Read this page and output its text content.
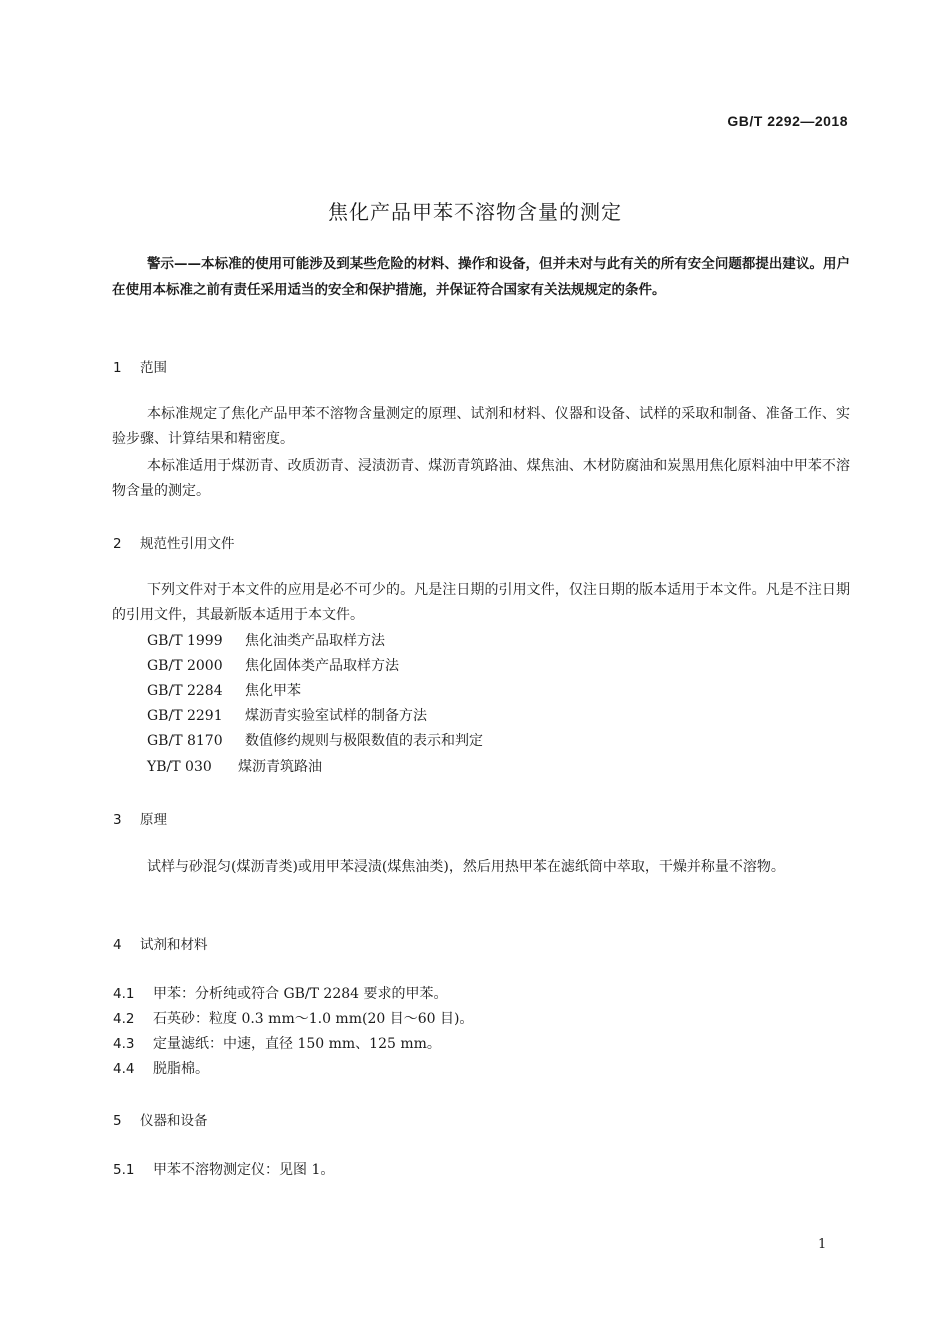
GB/T 2292—2018
焦化产品甲苯不溶物含量的测定
警示——本标准的使用可能涉及到某些危险的材料、操作和设备，但并未对与此有关的所有安全问题都提出建议。用户在使用本标准之前有责任采用适当的安全和保护措施，并保证符合国家有关法规规定的条件。
1 范围
本标准规定了焦化产品甲苯不溶物含量测定的原理、试剂和材料、仪器和设备、试样的采取和制备、准备工作、实验步骤、计算结果和精密度。
本标准适用于煤沥青、改质沥青、浸渍沥青、煤沥青筑路油、煤焦油、木材防腐油和炭黑用焦化原料油中甲苯不溶物含量的测定。
2 规范性引用文件
下列文件对于本文件的应用是必不可少的。凡是注日期的引用文件，仅注日期的版本适用于本文件。凡是不注日期的引用文件，其最新版本适用于本文件。
GB/T 1999 焦化油类产品取样方法
GB/T 2000 焦化固体类产品取样方法
GB/T 2284 焦化甲苯
GB/T 2291 煤沥青实验室试样的制备方法
GB/T 8170 数值修约规则与极限数值的表示和判定
YB/T 030 煤沥青筑路油
3 原理
试样与砂混匀(煤沥青类)或用甲苯浸渍(煤焦油类)，然后用热甲苯在滤纸筒中萃取，干燥并称量不溶物。
4 试剂和材料
4.1 甲苯：分析纯或符合 GB/T 2284 要求的甲苯。
4.2 石英砂：粒度 0.3 mm～1.0 mm(20 目～60 目)。
4.3 定量滤纸：中速，直径 150 mm、125 mm。
4.4 脱脂棉。
5 仪器和设备
5.1 甲苯不溶物测定仪：见图 1。
1
